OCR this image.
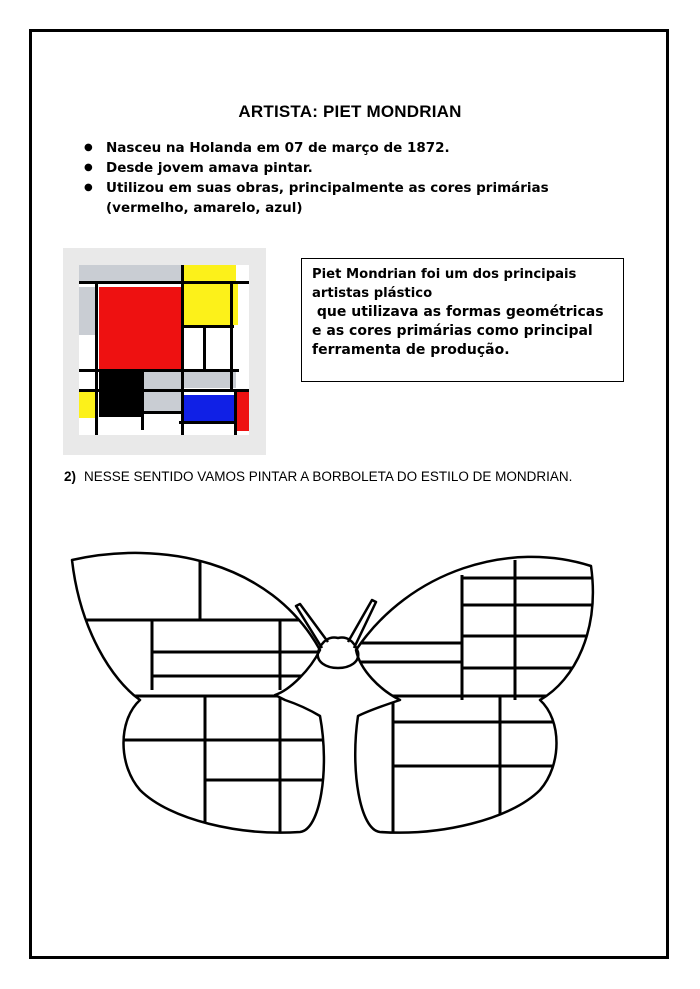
ARTISTA: PIET MONDRIAN
● Nasceu na Holanda em 07 de março de 1872.
● Desde jovem amava pintar.
● Utilizou em suas obras, principalmente as cores primárias (vermelho, amarelo, azul)

Piet Mondrian foi um dos principais

artistas plástico

que utilizava as formas geométricas

e as cores primárias como principal

ferramenta de produção.

2) NESSE SENTIDO VAMOS PINTAR A BORBOLETA DO ESTILO DE MONDRIAN.
